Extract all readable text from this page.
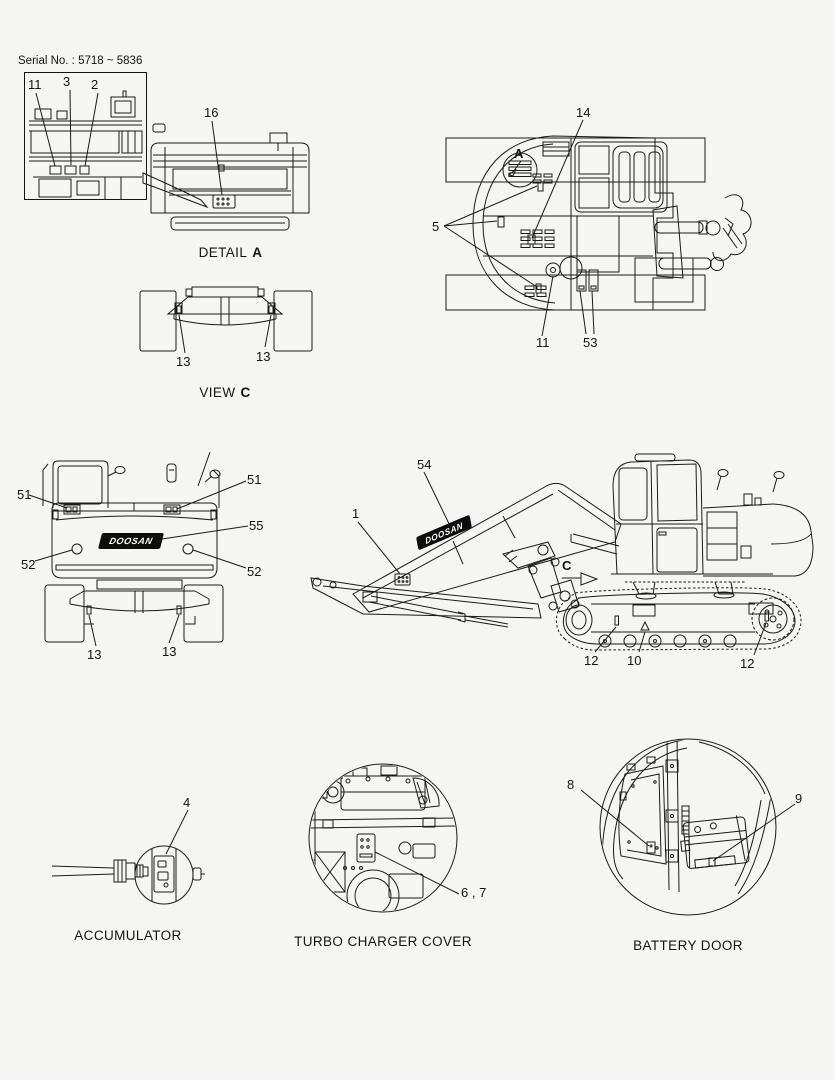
Serial No. : 5718 ~ 5836
11 3 2
16
DETAIL A
13	13
VIEW C
14
5
A
11	53
DOOSAN
51
51
55
52	52
13	13
DOOSAN
54
1
C
12 10	12
4
ACCUMULATOR
6 , 7
TURBO CHARGER COVER
8
9
BATTERY DOOR
